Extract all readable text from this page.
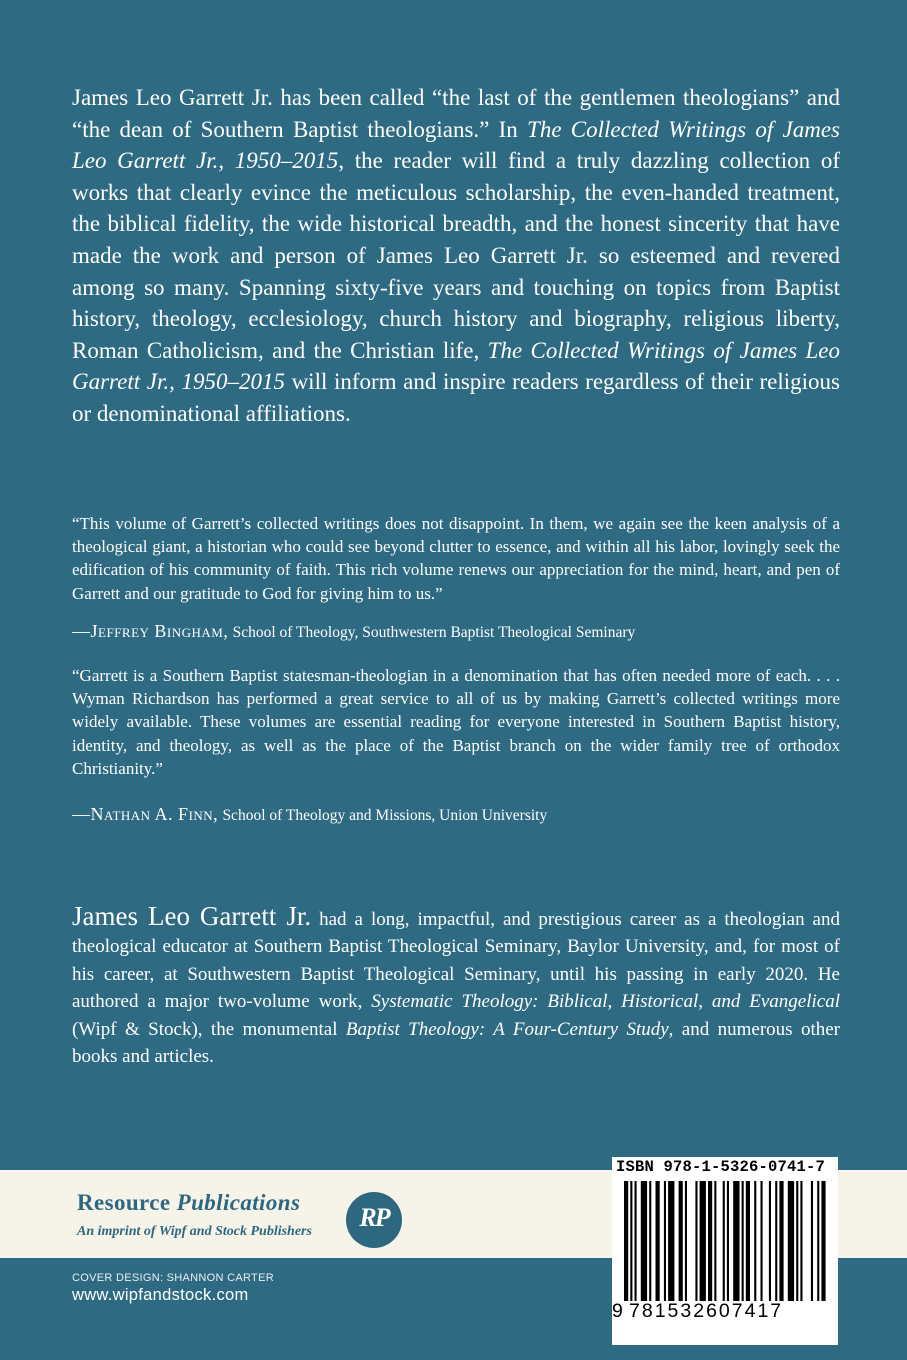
James Leo Garrett Jr. has been called “the last of the gentlemen theologians” and “the dean of Southern Baptist theologians.” In The Collected Writings of James Leo Garrett Jr., 1950–2015, the reader will find a truly dazzling collection of works that clearly evince the meticulous scholarship, the even-handed treatment, the biblical fidelity, the wide historical breadth, and the honest sincerity that have made the work and person of James Leo Garrett Jr. so esteemed and revered among so many. Spanning sixty-five years and touching on topics from Baptist history, theology, ecclesiology, church history and biography, religious liberty, Roman Catholicism, and the Christian life, The Collected Writings of James Leo Garrett Jr., 1950–2015 will inform and inspire readers regardless of their religious or denominational affiliations.

“This volume of Garrett’s collected writings does not disappoint. In them, we again see the keen analysis of a theological giant, a historian who could see beyond clutter to essence, and within all his labor, lovingly seek the edification of his community of faith. This rich volume renews our appreciation for the mind, heart, and pen of Garrett and our gratitude to God for giving him to us.”

—Jeffrey Bingham, School of Theology, Southwestern Baptist Theological Seminary

“Garrett is a Southern Baptist statesman-theologian in a denomination that has often needed more of each. . . . Wyman Richardson has performed a great service to all of us by making Garrett’s collected writings more widely available. These volumes are essential reading for everyone interested in Southern Baptist history, identity, and theology, as well as the place of the Baptist branch on the wider family tree of orthodox Christianity.”

—Nathan A. Finn, School of Theology and Missions, Union University

James Leo Garrett Jr. had a long, impactful, and prestigious career as a theologian and theological educator at Southern Baptist Theological Seminary, Baylor University, and, for most of his career, at Southwestern Baptist Theological Seminary, until his passing in early 2020. He authored a major two-volume work, Systematic Theology: Biblical, Historical, and Evangelical (Wipf & Stock), the monumental Baptist Theology: A Four-Century Study, and numerous other books and articles.

Resource Publications
An imprint of Wipf and Stock Publishers	RP
COVER DESIGN: SHANNON CARTER
www.wipfandstock.com
ISBN 978-1-5326-0741-7
9 781532607417
